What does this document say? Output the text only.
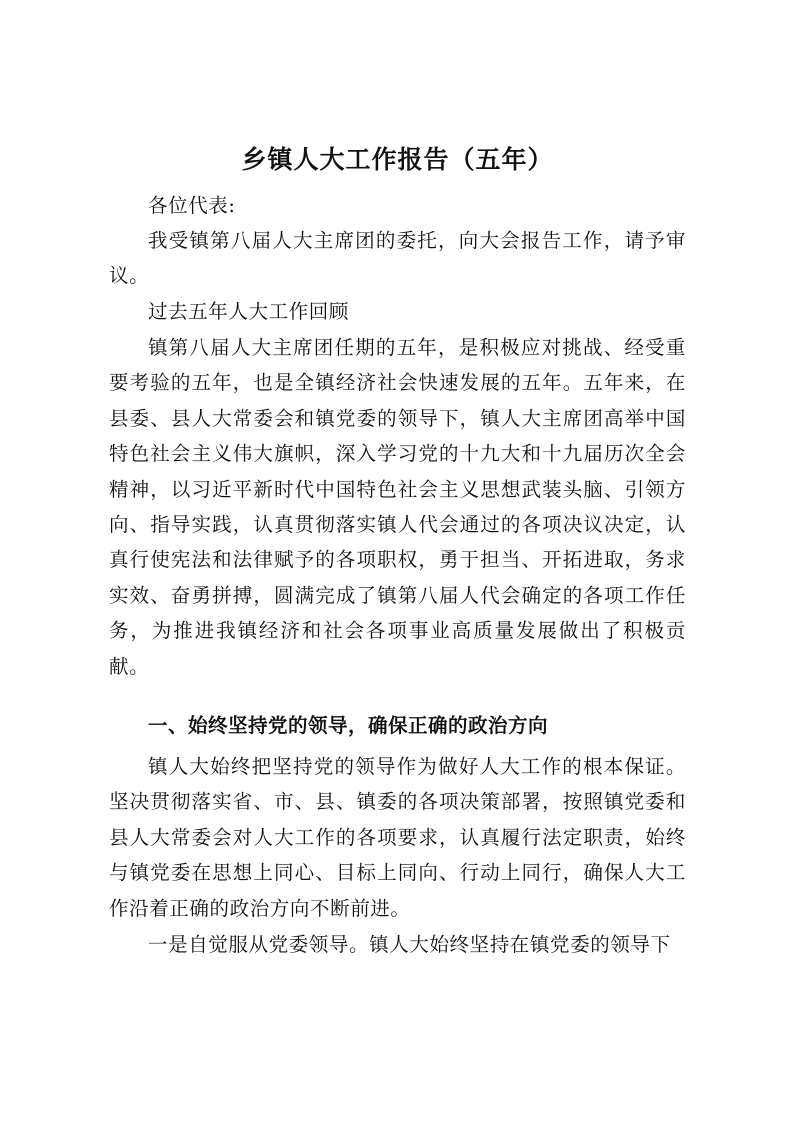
乡镇人大工作报告（五年）

各位代表:

我受镇第八届人大主席团的委托，向大会报告工作，请予审议。

过去五年人大工作回顾

镇第八届人大主席团任期的五年，是积极应对挑战、经受重要考验的五年，也是全镇经济社会快速发展的五年。五年来，在县委、县人大常委会和镇党委的领导下，镇人大主席团高举中国特色社会主义伟大旗帜，深入学习党的十九大和十九届历次全会精神，以习近平新时代中国特色社会主义思想武装头脑、引领方向、指导实践，认真贯彻落实镇人代会通过的各项决议决定，认真行使宪法和法律赋予的各项职权，勇于担当、开拓进取，务求实效、奋勇拼搏，圆满完成了镇第八届人代会确定的各项工作任务，为推进我镇经济和社会各项事业高质量发展做出了积极贡献。

一、始终坚持党的领导，确保正确的政治方向

镇人大始终把坚持党的领导作为做好人大工作的根本保证。坚决贯彻落实省、市、县、镇委的各项决策部署，按照镇党委和县人大常委会对人大工作的各项要求，认真履行法定职责，始终与镇党委在思想上同心、目标上同向、行动上同行，确保人大工作沿着正确的政治方向不断前进。

一是自觉服从党委领导。镇人大始终坚持在镇党委的领导下
